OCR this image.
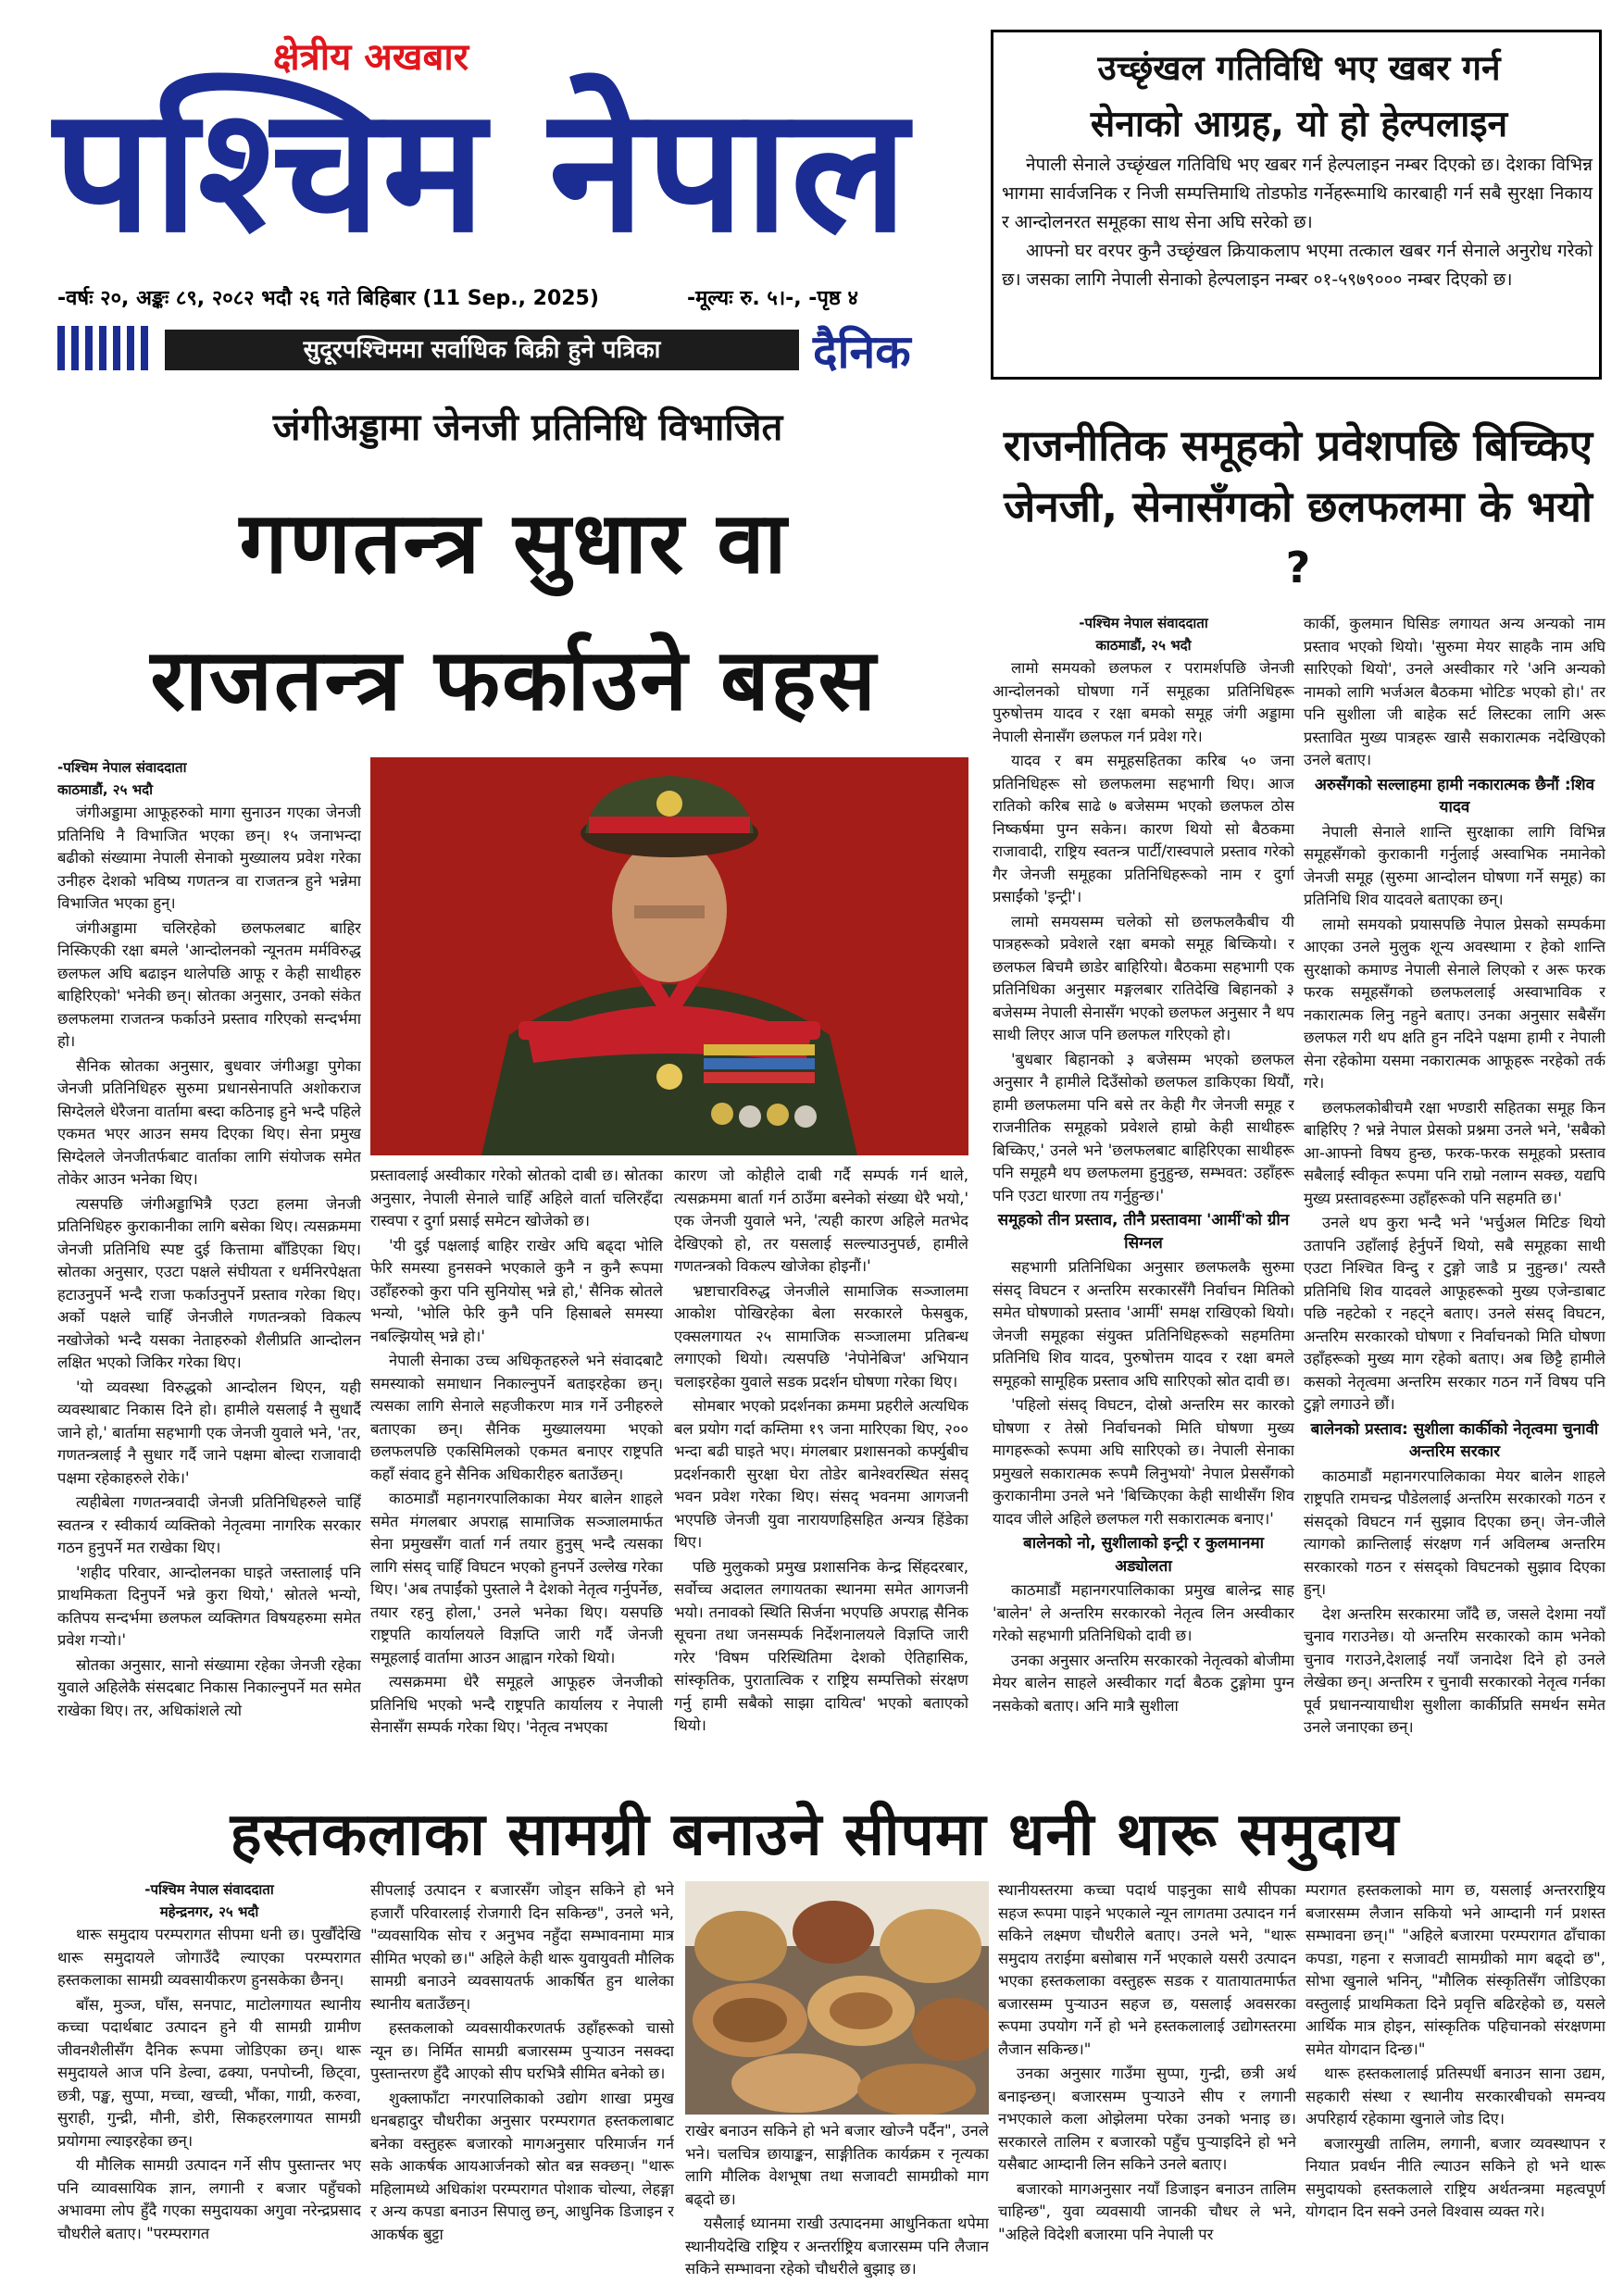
क्षेत्रीय अखबार
पश्चिम नेपाल
-वर्षः २०, अङ्कः ८९, २०८२ भदौ २६ गते बिहिबार (11 Sep., 2025)	-मूल्यः रु. ५।-, -पृष्ठ ४
सुदूरपश्चिममा सर्वाधिक बिक्री हुने पत्रिका	दैनिक
उच्छृंखल गतिविधि भए खबर गर्न
सेनाको आग्रह, यो हो हेल्पलाइन

नेपाली सेनाले उच्छृंखल गतिविधि भए खबर गर्न हेल्पलाइन नम्बर दिएको छ। देशका विभिन्न भागमा सार्वजनिक र निजी सम्पत्तिमाथि तोडफोड गर्नेहरूमाथि कारबाही गर्न सबै सुरक्षा निकाय र आन्दोलनरत समूहका साथ सेना अघि सरेको छ।

आफ्नो घर वरपर कुनै उच्छृंखल क्रियाकलाप भएमा तत्काल खबर गर्न सेनाले अनुरोध गरेको छ। जसका लागि नेपाली सेनाको हेल्पलाइन नम्बर ०१-५९७९००० नम्बर दिएको छ।

जंगीअड्डामा जेनजी प्रतिनिधि विभाजित
गणतन्त्र सुधार वा
राजतन्त्र फर्काउने बहस

-पश्चिम नेपाल संवाददाता

काठमाडौं, २५ भदौ

जंगीअड्डामा आफूहरुको मागा सुनाउन गएका जेनजी प्रतिनिधि नै विभाजित भएका छन्। १५ जनाभन्दा बढीको संख्यामा नेपाली सेनाको मुख्यालय प्रवेश गरेका उनीहरु देशको भविष्य गणतन्त्र वा राजतन्त्र हुने भन्नेमा विभाजित भएका हुन्।

जंगीअड्डामा चलिरहेको छलफलबाट बाहिर निस्किएकी रक्षा बमले 'आन्दोलनको न्यूनतम मर्मविरुद्ध छलफल अघि बढाइन थालेपछि आफू र केही साथीहरु बाहिरिएको' भनेकी छन्। स्रोतका अनुसार, उनको संकेत छलफलमा राजतन्त्र फर्काउने प्रस्ताव गरिएको सन्दर्भमा हो।

सैनिक स्रोतका अनुसार, बुधवार जंगीअड्डा पुगेका जेनजी प्रतिनिधिहरु सुरुमा प्रधानसेनापति अशोकराज सिग्देलले धेरैजना वार्तामा बस्दा कठिनाइ हुने भन्दै पहिले एकमत भएर आउन समय दिएका थिए। सेना प्रमुख सिग्देलले जेनजीतर्फबाट वार्ताका लागि संयोजक समेत तोकेर आउन भनेका थिए।

त्यसपछि जंगीअड्डाभित्रै एउटा हलमा जेनजी प्रतिनिधिहरु कुराकानीका लागि बसेका थिए। त्यसक्रममा जेनजी प्रतिनिधि स्पष्ट दुई कित्तामा बाँडिएका थिए। स्रोतका अनुसार, एउटा पक्षले संघीयता र धर्मनिरपेक्षता हटाउनुपर्ने भन्दै राजा फर्काउनुपर्ने प्रस्ताव गरेका थिए। अर्को पक्षले चाहिँ जेनजीले गणतन्त्रको विकल्प नखोजेको भन्दै यसका नेताहरुको शैलीप्रति आन्दोलन लक्षित भएको जिकिर गरेका थिए।

'यो व्यवस्था विरुद्धको आन्दोलन थिएन, यही व्यवस्थाबाट निकास दिने हो। हामीले यसलाई नै सुधार्दै जाने हो,' बार्तामा सहभागी एक जेनजी युवाले भने, 'तर, गणतन्त्रलाई नै सुधार गर्दै जाने पक्षमा बोल्दा राजावादी पक्षमा रहेकाहरुले रोके।'

त्यहीबेला गणतन्त्रवादी जेनजी प्रतिनिधिहरुले चाहिँ स्वतन्त्र र स्वीकार्य व्यक्तिको नेतृत्वमा नागरिक सरकार गठन हुनुपर्ने मत राखेका थिए।

'शहीद परिवार, आन्दोलनका घाइते जस्तालाई पनि प्राथमिकता दिनुपर्ने भन्ने कुरा थियो,' स्रोतले भन्यो, कतिपय सन्दर्भमा छलफल व्यक्तिगत विषयहरुमा समेत प्रवेश गर्‍यो।'

स्रोतका अनुसार, सानो संख्यामा रहेका जेनजी रहेका युवाले अहिलेकै संसदबाट निकास निकाल्नुपर्ने मत समेत राखेका थिए। तर, अधिकांशले त्यो

प्रस्तावलाई अस्वीकार गरेको स्रोतको दाबी छ। स्रोतका अनुसार, नेपाली सेनाले चाहिँ अहिले वार्ता चलिरहँदा रास्वपा र दुर्गा प्रसाई समेटन खोजेको छ।

'यी दुई पक्षलाई बाहिर राखेर अघि बढ्दा भोलि फेरि समस्या हुनसक्ने भएकाले कुनै न कुनै रूपमा उहाँहरुको कुरा पनि सुनियोस् भन्ने हो,' सैनिक स्रोतले भन्यो, 'भोलि फेरि कुनै पनि हिसाबले समस्या नबल्झियोस् भन्ने हो।'

नेपाली सेनाका उच्च अधिकृतहरुले भने संवादबाटै समस्याको समाधान निकाल्नुपर्ने बताइरहेका छन्। त्यसका लागि सेनाले सहजीकरण मात्र गर्ने उनीहरुले बताएका छन्। सैनिक मुख्यालयमा भएको छलफलपछि एकसिमिलको एकमत बनाएर राष्ट्रपति कहाँ संवाद हुने सैनिक अधिकारीहरु बताउँछन्।

काठमाडौं महानगरपालिकाका मेयर बालेन शाहले समेत मंगलबार अपराह्न सामाजिक सञ्जालमार्फत सेना प्रमुखसँग वार्ता गर्न तयार हुनुस् भन्दै त्यसका लागि संसद् चाहिँ विघटन भएको हुनपर्ने उल्लेख गरेका थिए। 'अब तपाईंको पुस्ताले नै देशको नेतृत्व गर्नुपर्नेछ, तयार रहनु होला,' उनले भनेका थिए। यसपछि राष्ट्रपति कार्यालयले विज्ञप्ति जारी गर्दै जेनजी समूहलाई वार्तामा आउन आह्वान गरेको थियो।

त्यसक्रममा धेरै समूहले आफूहरु जेनजीको प्रतिनिधि भएको भन्दै राष्ट्रपति कार्यालय र नेपाली सेनासँग सम्पर्क गरेका थिए। 'नेतृत्व नभएका

कारण जो कोहीले दाबी गर्दै सम्पर्क गर्न थाले, त्यसक्रममा बार्ता गर्न ठाउँमा बस्नेको संख्या धेरै भयो,' एक जेनजी युवाले भने, 'त्यही कारण अहिले मतभेद देखिएको हो, तर यसलाई सल्ल्याउनुपर्छ, हामीले गणतन्त्रको विकल्प खोजेका होइनौं।'

भ्रष्टाचारविरुद्ध जेनजीले सामाजिक सञ्जालमा आकोश पोखिरहेका बेला सरकारले फेसबुक, एक्सलगायत २५ सामाजिक सञ्जालमा प्रतिबन्ध लगाएको थियो। त्यसपछि 'नेपोनेबिज' अभियान चलाइरहेका युवाले सडक प्रदर्शन घोषणा गरेका थिए।

सोमबार भएको प्रदर्शनका क्रममा प्रहरीले अत्यधिक बल प्रयोग गर्दा कम्तिमा १९ जना मारिएका थिए, २०० भन्दा बढी घाइते भए। मंगलबार प्रशासनको कर्फ्युबीच प्रदर्शनकारी सुरक्षा घेरा तोडेर बानेश्वरस्थित संसद् भवन प्रवेश गरेका थिए। संसद् भवनमा आगजनी भएपछि जेनजी युवा नारायणहिसहित अन्यत्र हिंडेका थिए।

पछि मुलुकको प्रमुख प्रशासनिक केन्द्र सिंहदरबार, सर्वोच्च अदालत लगायतका स्थानमा समेत आगजनी भयो। तनावको स्थिति सिर्जना भएपछि अपराह्न सैनिक सूचना तथा जनसम्पर्क निर्देशनालयले विज्ञप्ति जारी गरेर 'विषम परिस्थितिमा देशको ऐतिहासिक, सांस्कृतिक, पुरातात्विक र राष्ट्रिय सम्पत्तिको संरक्षण गर्नु हामी सबैको साझा दायित्व' भएको बताएको थियो।

राजनीतिक समूहको प्रवेशपछि बिच्किए जेनजी, सेनासँगको छलफलमा के भयो ?

-पश्चिम नेपाल संवाददाता

काठमाडौं, २५ भदौ

लामो समयको छलफल र परामर्शपछि जेनजी आन्दोलनको घोषणा गर्ने समूहका प्रतिनिधिहरू पुरुषोत्तम यादव र रक्षा बमको समूह जंगी अड्डामा नेपाली सेनासँग छलफल गर्न प्रवेश गरे।

यादव र बम समूहसहितका करिब ५० जना प्रतिनिधिहरू सो छलफलमा सहभागी थिए। आज रातिको करिब साढे ७ बजेसम्म भएको छलफल ठोस निष्कर्षमा पुग्न सकेन। कारण थियो सो बैठकमा राजावादी, राष्ट्रिय स्वतन्त्र पार्टी/रास्वपाले प्रस्ताव गरेको गैर जेनजी समूहका प्रतिनिधिहरूको नाम र दुर्गा प्रसाईंको 'इन्ट्री'।

लामो समयसम्म चलेको सो छलफलकैबीच यी पात्रहरूको प्रवेशले रक्षा बमको समूह बिच्कियो। र छलफल बिचमै छाडेर बाहिरियो। बैठकमा सहभागी एक प्रतिनिधिका अनुसार मङ्गलबार रातिदेखि बिहानको ३ बजेसम्म नेपाली सेनासँग भएको छलफल अनुसार नै थप साथी लिएर आज पनि छलफल गरिएको हो।

'बुधबार बिहानको ३ बजेसम्म भएको छलफल अनुसार नै हामीले दिउँसोको छलफल डाकिएका थियौं, हामी छलफलमा पनि बसे तर केही गैर जेनजी समूह र राजनीतिक समूहको प्रवेशले हाम्रो केही साथीहरू बिच्किए,' उनले भने 'छलफलबाट बाहिरिएका साथीहरू पनि समूहमै थप छलफलमा हुनुहुन्छ, सम्भवत: उहाँहरू पनि एउटा धारणा तय गर्नुहुन्छ।'

समूहको तीन प्रस्ताव, तीनै प्रस्तावमा 'आर्मी'को ग्रीन सिग्नल

सहभागी प्रतिनिधिका अनुसार छलफलकै सुरुमा संसद् विघटन र अन्तरिम सरकारसँगै निर्वाचन मितिको समेत घोषणाको प्रस्ताव 'आर्मी' समक्ष राखिएको थियो। जेनजी समूहका संयुक्त प्रतिनिधिहरूको सहमतिमा प्रतिनिधि शिव यादव, पुरुषोत्तम यादव र रक्षा बमले समूहको सामूहिक प्रस्ताव अघि सारिएको स्रोत दावी छ।

'पहिलो संसद् विघटन, दोस्रो अन्तरिम सर कारको घोषणा र तेस्रो निर्वाचनको मिति घोषणा मुख्य मागहरूको रूपमा अघि सारिएको छ। नेपाली सेनाका प्रमुखले सकारात्मक रूपमै लिनुभयो' नेपाल प्रेससँगको कुराकानीमा उनले भने 'बिच्किएका केही साथीसँग शिव यादव जीले अहिले छलफल गरी सकारात्मक बनाए।'

बालेनको नो, सुशीलाको इन्ट्री र कुलमानमा अड्योलता

काठमाडौं महानगरपालिकाका प्रमुख बालेन्द्र साह 'बालेन' ले अन्तरिम सरकारको नेतृत्व लिन अस्वीकार गरेको सहभागी प्रतिनिधिको दावी छ।

उनका अनुसार अन्तरिम सरकारको नेतृत्वको बोजीमा मेयर बालेन साहले अस्वीकार गर्दा बैठक टुङ्गोमा पुग्न नसकेको बताए। अनि मात्रै सुशीला

कार्की, कुलमान घिसिङ लगायत अन्य अन्यको नाम प्रस्ताव भएको थियो। 'सुरुमा मेयर साहकै नाम अघि सारिएको थियो', उनले अस्वीकार गरे 'अनि अन्यको नामको लागि भर्जअल बैठकमा भोटिङ भएको हो।' तर पनि सुशीला जी बाहेक सर्ट लिस्टका लागि अरू प्रस्तावित मुख्य पात्रहरू खासै सकारात्मक नदेखिएको उनले बताए।

अरुसँगको सल्लाहमा हामी नकारात्मक छैनौं :शिव यादव

नेपाली सेनाले शान्ति सुरक्षाका लागि विभिन्न समूहसँगको कुराकानी गर्नुलाई अस्वाभिक नमानेको जेनजी समूह (सुरुमा आन्दोलन घोषणा गर्ने समूह) का प्रतिनिधि शिव यादवले बताएका छन्।

लामो समयको प्रयासपछि नेपाल प्रेसको सम्पर्कमा आएका उनले मुलुक शून्य अवस्थामा र हेको शान्ति सुरक्षाको कमाण्ड नेपाली सेनाले लिएको र अरू फरक फरक समूहसँगको छलफललाई अस्वाभाविक र नकारात्मक लिनु नहुने बताए। उनका अनुसार सबैसँग छलफल गरी थप क्षति हुन नदिने पक्षमा हामी र नेपाली सेना रहेकोमा यसमा नकारात्मक आफूहरू नरहेको तर्क गरे।

छलफलकोबीचमै रक्षा भण्डारी सहितका समूह किन बाहिरिए ? भन्ने नेपाल प्रेसको प्रश्नमा उनले भने, 'सबैको आ-आफ्नो विषय हुन्छ, फरक-फरक समूहको प्रस्ताव सबैलाई स्वीकृत रूपमा पनि राम्रो नलाग्न सक्छ, यद्यपि मुख्य प्रस्तावहरूमा उहाँहरूको पनि सहमति छ।'

उनले थप कुरा भन्दै भने 'भर्चुअल मिटिङ थियो उतापनि उहाँलाई हेर्नुपर्ने थियो, सबै समूहका साथी एउटा निश्चित विन्दु र टुङ्गो जाडै प्र नुहुन्छ।' त्यस्तै प्रतिनिधि शिव यादवले आफूहरूको मुख्य एजेन्डाबाट पछि नहटेको र नहट्ने बताए। उनले संसद् विघटन, अन्तरिम सरकारको घोषणा र निर्वाचनको मिति घोषणा उहाँहरूको मुख्य माग रहेको बताए। अब छिट्टै हामीले कसको नेतृत्वमा अन्तरिम सरकार गठन गर्ने विषय पनि टुङ्गो लगाउने छौं।

बालेनको प्रस्ताव: सुशीला कार्कीको नेतृत्वमा चुनावी अन्तरिम सरकार

काठमाडौं महानगरपालिकाका मेयर बालेन शाहले राष्ट्रपति रामचन्द्र पौडेललाई अन्तरिम सरकारको गठन र संसद्को विघटन गर्न सुझाव दिएका छन्। जेन-जीले त्यागको क्रान्तिलाई संरक्षण गर्न अविलम्ब अन्तरिम सरकारको गठन र संसद्को विघटनको सुझाव दिएका हुन्।

देश अन्तरिम सरकारमा जाँदै छ, जसले देशमा नयाँ चुनाव गराउनेछ। यो अन्तरिम सरकारको काम भनेको चुनाव गराउने,देशलाई नयाँ जनादेश दिने हो उनले लेखेका छन्। अन्तरिम र चुनावी सरकारको नेतृत्व गर्नका पूर्व प्रधानन्यायाधीश सुशीला कार्कीप्रति समर्थन समेत उनले जनाएका छन्।

हस्तकलाका सामग्री बनाउने सीपमा धनी थारू समुदाय

-पश्चिम नेपाल संवाददाता

महेन्द्रनगर, २५ भदौ

थारू समुदाय परम्परागत सीपमा धनी छ। पुर्खौंदेखि थारू समुदायले जोगाउँदै ल्याएका परम्परागत हस्तकलाका सामग्री व्यवसायीकरण हुनसकेका छैनन्।

बाँस, मुञ्ज, घाँस, सनपाट, माटोलगायत स्थानीय कच्चा पदार्थबाट उत्पादन हुने यी सामग्री ग्रामीण जीवनशैलीसँग दैनिक रूपमा जोडिएका छन्। थारू समुदायले आज पनि डेल्वा, ढक्या, पनपोच्नी, छिट्वा, छत्री, पङ्ख, सुप्पा, मच्चा, खच्ची, भौंका, गाग्री, करुवा, सुराही, गुन्द्री, मौनी, डोरी, सिकहरलगायत सामग्री प्रयोगमा ल्याइरहेका छन्।

यी मौलिक सामग्री उत्पादन गर्ने सीप पुस्तान्तर भए पनि व्यावसायिक ज्ञान, लगानी र बजार पहुँचको अभावमा लोप हुँदै गएका समुदायका अगुवा नरेन्द्रप्रसाद चौधरीले बताए। "परम्परागत

सीपलाई उत्पादन र बजारसँग जोड्न सकिने हो भने हजारौं परिवारलाई रोजगारी दिन सकिन्छ", उनले भने, "व्यवसायिक सोच र अनुभव नहुँदा सम्भावनामा मात्र सीमित भएको छ।" अहिले केही थारू युवायुवती मौलिक सामग्री बनाउने व्यवसायतर्फ आकर्षित हुन थालेका स्थानीय बताउँछन्।

हस्तकलाको व्यवसायीकरणतर्फ उहाँहरूको चासो न्यून छ। निर्मित सामग्री बजारसम्म पुर्‍याउन नसक्दा पुस्तान्तरण हुँदै आएको सीप घरभित्रै सीमित बनेको छ।

शुक्लाफाँटा नगरपालिकाको उद्योग शाखा प्रमुख धनबहादुर चौधरीका अनुसार परम्परागत हस्तकलाबाट बनेका वस्तुहरू बजारको मागअनुसार परिमार्जन गर्न सके आकर्षक आयआर्जनको स्रोत बन्न सक्छन्। "थारू महिलामध्ये अधिकांश परम्परागत पोशाक चोल्या, लेहङ्गा र अन्य कपडा बनाउन सिपालु छन्, आधुनिक डिजाइन र आकर्षक बुट्टा

राखेर बनाउन सकिने हो भने बजार खोज्नै पर्दैन", उनले भने। चलचित्र छायाङ्कन, साङ्गीतिक कार्यक्रम र नृत्यका लागि मौलिक वेशभूषा तथा सजावटी सामग्रीको माग बढ्दो छ।

यसैलाई ध्यानमा राखी उत्पादनमा आधुनिकता थपेमा स्थानीयदेखि राष्ट्रिय र अन्तर्राष्ट्रिय बजारसम्म पनि लैजान सकिने सम्भावना रहेको चौधरीले बुझाइ छ।

स्थानीयस्तरमा कच्चा पदार्थ पाइनुका साथै सीपका सहज रूपमा पाइने भएकाले न्यून लागतमा उत्पादन गर्न सकिने लक्ष्मण चौधरीले बताए। उनले भने, "थारू समुदाय तराईमा बसोबास गर्ने भएकाले यसरी उत्पादन भएका हस्तकलाका वस्तुहरू सडक र यातायातमार्फत बजारसम्म पुर्‍याउन सहज छ, यसलाई अवसरका रूपमा उपयोग गर्ने हो भने हस्तकलालाई उद्योगस्तरमा लैजान सकिन्छ।"

उनका अनुसार गाउँमा सुप्पा, गुन्द्री, छत्री अर्थ बनाइन्छन्। बजारसम्म पुर्‍याउने सीप र लगानी नभएकाले कला ओझेलमा परेका उनको भनाइ छ। सरकारले तालिम र बजारको पहुँच पुर्‍याइदिने हो भने यसैबाट आम्दानी लिन सकिने उनले बताए।

बजारको मागअनुसार नयाँ डिजाइन बनाउन तालिम चाहिन्छ", युवा व्यवसायी जानकी चौधर ले भने, "अहिले विदेशी बजारमा पनि नेपाली पर

म्परागत हस्तकलाको माग छ, यसलाई अन्तरराष्ट्रिय बजारसम्म लैजान सकियो भने आम्दानी गर्न प्रशस्त सम्भावना छन्।" "अहिले बजारमा परम्परागत ढाँचाका कपडा, गहना र सजावटी सामग्रीको माग बढ्दो छ", सोभा खुनाले भनिन्, "मौलिक संस्कृतिसँग जोडिएका वस्तुलाई प्राथमिकता दिने प्रवृत्ति बढिरहेको छ, यसले आर्थिक मात्र होइन, सांस्कृतिक पहिचानको संरक्षणमा समेत योगदान दिन्छ।"

थारू हस्तकलालाई प्रतिस्पर्धी बनाउन साना उद्यम, सहकारी संस्था र स्थानीय सरकारबीचको समन्वय अपरिहार्य रहेकामा खुनाले जोड दिए।

बजारमुखी तालिम, लगानी, बजार व्यवस्थापन र नियात प्रवर्धन नीति ल्याउन सकिने हो भने थारू समुदायको हस्तकलाले राष्ट्रिय अर्थतन्त्रमा महत्वपूर्ण योगदान दिन सक्ने उनले विश्वास व्यक्त गरे।
